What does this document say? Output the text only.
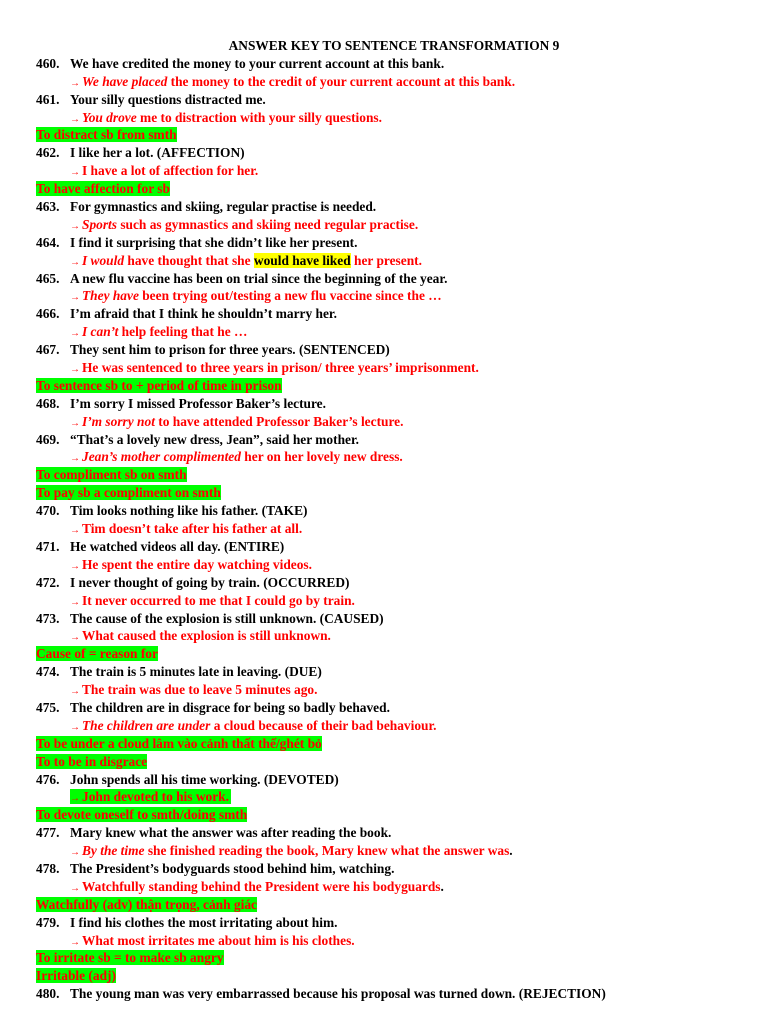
ANSWER KEY TO SENTENCE TRANSFORMATION 9
460. We have credited the money to your current account at this bank.
→ We have placed the money to the credit of your current account at this bank.
461. Your silly questions distracted me.
→ You drove me to distraction with your silly questions.
To distract sb from smth
462. I like her a lot. (AFFECTION)
→ I have a lot of affection for her.
To have affection for sb
463. For gymnastics and skiing, regular practise is needed.
→ Sports such as gymnastics and skiing need regular practise.
464. I find it surprising that she didn’t like her present.
→ I would have thought that she would have liked her present.
465. A new flu vaccine has been on trial since the beginning of the year.
→ They have been trying out/testing a new flu vaccine since the …
466. I’m afraid that I think he shouldn’t marry her.
→ I can’t help feeling that he …
467. They sent him to prison for three years. (SENTENCED)
→ He was sentenced to three years in prison/ three years’ imprisonment.
To sentence sb to + period of time in prison
468. I’m sorry I missed Professor Baker’s lecture.
→ I’m sorry not to have attended Professor Baker’s lecture.
469. “That’s a lovely new dress, Jean”, said her mother.
→ Jean’s mother complimented her on her lovely new dress.
To compliment sb on smth
To pay sb a compliment on smth
470. Tim looks nothing like his father. (TAKE)
→ Tim doesn’t take after his father at all.
471. He watched videos all day. (ENTIRE)
→ He spent the entire day watching videos.
472. I never thought of going by train. (OCCURRED)
→ It never occurred to me that I could go by train.
473. The cause of the explosion is still unknown. (CAUSED)
→ What caused the explosion is still unknown.
Cause of = reason for
474. The train is 5 minutes late in leaving. (DUE)
→ The train was due to leave 5 minutes ago.
475. The children are in disgrace for being so badly behaved.
→ The children are under a cloud because of their bad behaviour.
To be under a cloud lâm vào cảnh thất thế/ghét bỏ
To to be in disgrace
476. John spends all his time working. (DEVOTED)
→ John devoted to his work.
To devote oneself to smth/doing smth
477. Mary knew what the answer was after reading the book.
→ By the time she finished reading the book, Mary knew what the answer was.
478. The President’s bodyguards stood behind him, watching.
→ Watchfully standing behind the President were his bodyguards.
Watchfully (adv) thận trọng, cảnh giác
479. I find his clothes the most irritating about him.
→ What most irritates me about him is his clothes.
To irritate sb = to make sb angry
Irritable (adj)
480. The young man was very embarrassed because his proposal was turned down. (REJECTION)
